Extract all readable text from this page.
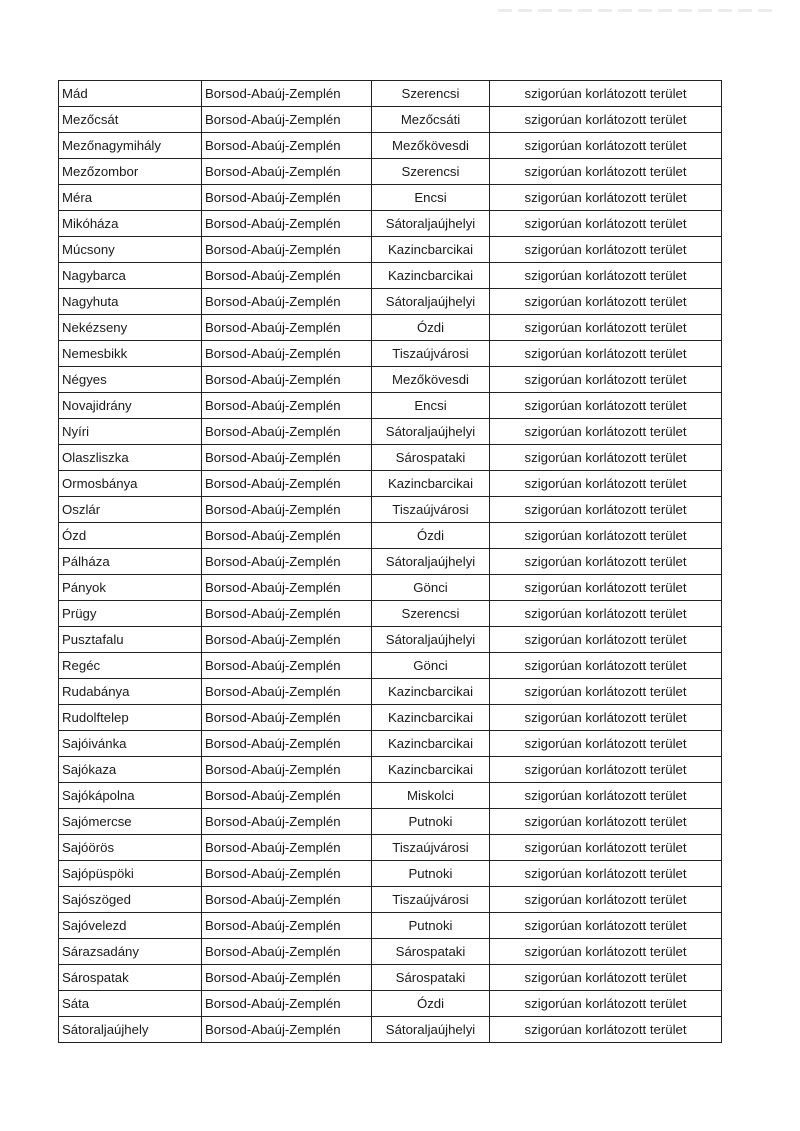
Mád	Borsod-Abaúj-Zemplén	Szerencsi	szigorúan korlátozott terület
Mezőcsát	Borsod-Abaúj-Zemplén	Mezőcsáti	szigorúan korlátozott terület
Mezőnagymihály	Borsod-Abaúj-Zemplén	Mezőkövesdi	szigorúan korlátozott terület
Mezőzombor	Borsod-Abaúj-Zemplén	Szerencsi	szigorúan korlátozott terület
Méra	Borsod-Abaúj-Zemplén	Encsi	szigorúan korlátozott terület
Mikóháza	Borsod-Abaúj-Zemplén	Sátoraljaújhelyi	szigorúan korlátozott terület
Múcsony	Borsod-Abaúj-Zemplén	Kazincbarcikai	szigorúan korlátozott terület
Nagybarca	Borsod-Abaúj-Zemplén	Kazincbarcikai	szigorúan korlátozott terület
Nagyhuta	Borsod-Abaúj-Zemplén	Sátoraljaújhelyi	szigorúan korlátozott terület
Nekézseny	Borsod-Abaúj-Zemplén	Ózdi	szigorúan korlátozott terület
Nemesbikk	Borsod-Abaúj-Zemplén	Tiszaújvárosi	szigorúan korlátozott terület
Négyes	Borsod-Abaúj-Zemplén	Mezőkövesdi	szigorúan korlátozott terület
Novajidrány	Borsod-Abaúj-Zemplén	Encsi	szigorúan korlátozott terület
Nyíri	Borsod-Abaúj-Zemplén	Sátoraljaújhelyi	szigorúan korlátozott terület
Olaszliszka	Borsod-Abaúj-Zemplén	Sárospataki	szigorúan korlátozott terület
Ormosbánya	Borsod-Abaúj-Zemplén	Kazincbarcikai	szigorúan korlátozott terület
Oszlár	Borsod-Abaúj-Zemplén	Tiszaújvárosi	szigorúan korlátozott terület
Ózd	Borsod-Abaúj-Zemplén	Ózdi	szigorúan korlátozott terület
Pálháza	Borsod-Abaúj-Zemplén	Sátoraljaújhelyi	szigorúan korlátozott terület
Pányok	Borsod-Abaúj-Zemplén	Gönci	szigorúan korlátozott terület
Prügy	Borsod-Abaúj-Zemplén	Szerencsi	szigorúan korlátozott terület
Pusztafalu	Borsod-Abaúj-Zemplén	Sátoraljaújhelyi	szigorúan korlátozott terület
Regéc	Borsod-Abaúj-Zemplén	Gönci	szigorúan korlátozott terület
Rudabánya	Borsod-Abaúj-Zemplén	Kazincbarcikai	szigorúan korlátozott terület
Rudolftelep	Borsod-Abaúj-Zemplén	Kazincbarcikai	szigorúan korlátozott terület
Sajóivánka	Borsod-Abaúj-Zemplén	Kazincbarcikai	szigorúan korlátozott terület
Sajókaza	Borsod-Abaúj-Zemplén	Kazincbarcikai	szigorúan korlátozott terület
Sajókápolna	Borsod-Abaúj-Zemplén	Miskolci	szigorúan korlátozott terület
Sajómercse	Borsod-Abaúj-Zemplén	Putnoki	szigorúan korlátozott terület
Sajóörös	Borsod-Abaúj-Zemplén	Tiszaújvárosi	szigorúan korlátozott terület
Sajópüspöki	Borsod-Abaúj-Zemplén	Putnoki	szigorúan korlátozott terület
Sajószöged	Borsod-Abaúj-Zemplén	Tiszaújvárosi	szigorúan korlátozott terület
Sajóvelezd	Borsod-Abaúj-Zemplén	Putnoki	szigorúan korlátozott terület
Sárazsadány	Borsod-Abaúj-Zemplén	Sárospataki	szigorúan korlátozott terület
Sárospatak	Borsod-Abaúj-Zemplén	Sárospataki	szigorúan korlátozott terület
Sáta	Borsod-Abaúj-Zemplén	Ózdi	szigorúan korlátozott terület
Sátoraljaújhely	Borsod-Abaúj-Zemplén	Sátoraljaújhelyi	szigorúan korlátozott terület
